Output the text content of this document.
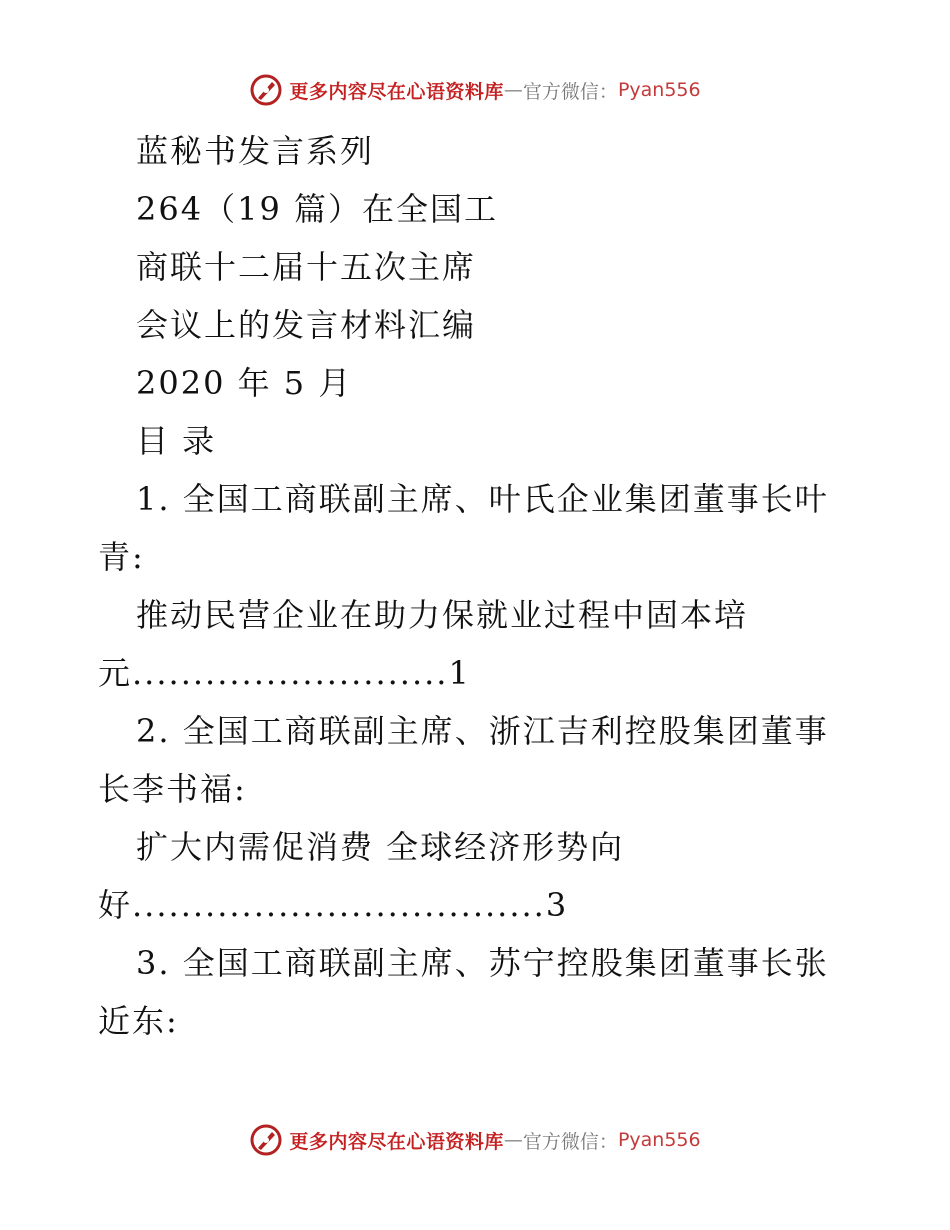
更多内容尽在心语资料库 — 官方微信： Pyan556

蓝秘书发言系列

264（19 篇）在全国工

商联十二届十五次主席

会议上的发言材料汇编

2020 年 5 月

目 录

1. 全国工商联副主席、叶氏企业集团董事长叶

青:

推动民营企业在助力保就业过程中固本培

元..........................1

2. 全国工商联副主席、浙江吉利控股集团董事

长李书福:

扩大内需促消费 全球经济形势向

好..................................3

3. 全国工商联副主席、苏宁控股集团董事长张

近东:

更多内容尽在心语资料库 — 官方微信： Pyan556
